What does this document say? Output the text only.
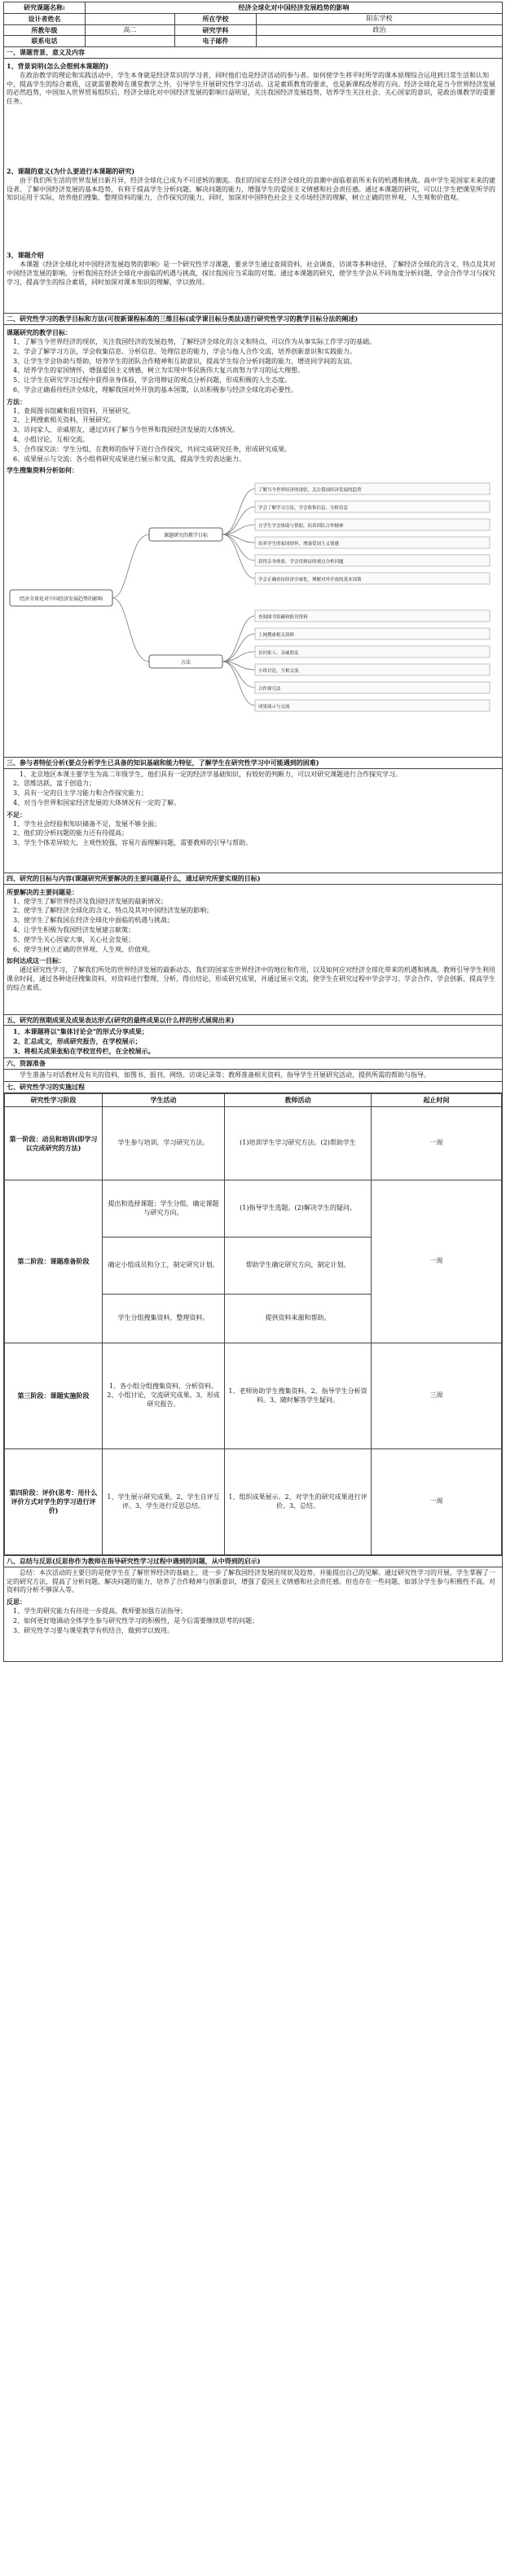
研究课题名称:	经济全球化对中国经济发展趋势的影响
设计者姓名		所在学校	阳东学校
所教年级	高二	研究学科	政治
联系电话		电子邮件	
一、课题背景、意义及内容

1、背景说明(怎么会想到本课题的)
在政治教学的理论和实践活动中，学生本身就是经济常识的学习者，同时他们也是经济活动的参与者。如何使学生将平时所学的课本原理综合运用到日常生活和认知中，提高学生的综合素质，这就需要教师在课堂教学之外，引导学生开展研究性学习活动。这是素质教育的要求，也是新课程改革的方向。经济全球化是当今世界经济发展的必然趋势，中国加入世界贸易组织后，经济全球化对中国经济发展的影响日益明显，关注我国经济发展趋势，培养学生关注社会、关心国家的意识，是政治课教学的重要任务。
2、课题的意义(为什么要进行本课题的研究)
由于我们所生活的世界发展日新月异，经济全球化已成为不可逆转的潮流。我们的国家在经济全球化的浪潮中面临着前所未有的机遇和挑战。高中学生是国家未来的建设者，了解中国经济发展的基本趋势，有利于提高学生分析问题、解决问题的能力，增强学生的爱国主义情感和社会责任感。通过本课题的研究，可以让学生把课堂所学的知识运用于实际，培养他们搜集、整理资料的能力，合作探究的能力，同时，加深对中国特色社会主义市场经济的理解，树立正确的世界观、人生观和价值观。
3、课题介绍
本课题《经济全球化对中国经济发展趋势的影响》是一个研究性学习课题，要求学生通过查阅资料、社会调查、访谈等多种途径，了解经济全球化的含义、特点及其对中国经济发展的影响，分析我国在经济全球化中面临的机遇与挑战，探讨我国应当采取的对策。通过本课题的研究，使学生学会从不同角度分析问题，学会合作学习与探究学习，提高学生的综合素质，同时加深对课本知识的理解，学以致用。

二、研究性学习的教学目标和方法(可按新课程标准的三维目标(或学课目标分类法)进行研究性学习的教学目标分法的阐述)

课题研究的教学目标：
1、了解当今世界经济的现状，关注我国经济的发展趋势，了解经济全球化的含义和特点，可以作为从事实际工作学习的基础。
2、学会了解学习方法，学会收集信息、分析信息、处理信息的能力，学会与他人合作交流，培养创新意识和实践能力。
3、让学生学会协助与帮助，培养学生的团队合作精神和互助意识，提高学生综合分析问题的能力，增进同学间的友谊。
4、培养学生的家国情怀，增强爱国主义情感，树立为实现中华民族伟大复兴而努力学习的远大理想。
5、让学生在研究学习过程中获得亲身体验，学会用辩证的观点分析问题，形成积极的人生态度。
6、学会正确看待经济全球化，理解我国对外开放的基本国策，认识积极参与经济全球化的必要性。
方法：
1、查阅图书馆藏和报刊资料，开展研究。
2、上网搜索相关资料，开展研究。
3、访问家人、亲戚朋友，通过访问了解当今世界和我国经济发展的大体情况。
4、小组讨论，互相交流。
5、合作探究法：学生分组，在教师的指导下进行合作探究，共同完成研究任务，形成研究成果。
6、成果展示与交流：各小组将研究成果进行展示和交流，提高学生的表达能力。
学生搜集资料分析如何：
经济全球化对中国经济发展趋势的影响
课题研究的教学目标
方法
了解当今世界经济的现状，关注我国经济发展的趋势
学会了解学习方法，学会收集信息、分析信息
让学生学会协助与帮助，培养团队合作精神
培养学生的家国情怀，增强爱国主义情感
获得亲身体验，学会用辩证的观点分析问题
学会正确看待经济全球化，理解对外开放的基本国策
查阅图书馆藏和报刊资料
上网搜索相关资料
访问家人、亲戚朋友
小组讨论，互相交流
合作探究法
成果展示与交流

三、参与者特征分析(要点分析学生已具备的知识基础和能力特征，了解学生在研究性学习中可能遇到的困难)

1、北京地区本课主要学生为高二年级学生，他们具有一定的经济学基础知识，有较好的判断力，可以对研究课题进行合作探究学习。
2、思维活跃，富于创造力；
3、具有一定的自主学习能力和合作探究能力；
4、对当今世界和国家经济发展的大体情况有一定的了解。
不足：
1、学生社会经验和知识储备不足，发展不够全面；
2、他们的分析问题的能力还有待提高；
3、学生个体差异较大，主观性较强，容易片面理解问题，需要教师的引导与帮助。

四、研究的目标与内容(课题研究所要解决的主要问题是什么，通过研究所要实现的目标)

所要解决的主要问题是：
1、使学生了解世界经济及我国经济发展的最新情况；
2、使学生了解经济全球化的含义、特点及其对中国经济发展的影响；
3、使学生了解我国在经济全球化中面临的机遇与挑战；
4、让学生积极为我国经济发展建言献策；
5、使学生关心国家大事，关心社会发展；
6、使学生树立正确的世界观、人生观、价值观。
如何达成这一目标：
通过研究性学习，了解我们所处的世界经济发展的最新动态，我们的国家在世界经济中的地位和作用，以及如何应对经济全球化带来的机遇和挑战。教师引导学生利用课余时间，通过各种途径搜集资料，对资料进行整理、分析，得出结论，形成研究成果，并通过展示交流，使学生在研究过程中学会学习、学会合作、学会创新，提高学生的综合素质。

五、研究的预期成果及成果表达形式(研究的最终成果以什么样的形式展现出来)

1、本课题将以"集体讨论会"的形式分享成果；
2、汇总成文，形成研究报告，在学校展示；
3、将相关成果张贴在学校宣传栏，在全校展示。

六、资源准备

学生准备与对话教材及有关的资料，如图书、报刊、网络、访谈记录等；教师准备相关资料，指导学生开展研究活动，提供所需的帮助与指导。

七、研究性学习的实施过程

研究性学习阶段	学生活动	教师活动	起止时间
第一阶段：动员和培训(即学习以完成研究的方法)	学生参与培训，学习研究方法。	(1)培训学生学习研究方法。(2)帮助学生	一周
第二阶段：课题准备阶段	提出和选择课题；学生分组，确定课题与研究方向。	(1)指导学生选题。(2)解决学生的疑问。	一周
确定小组成员和分工，制定研究计划。	帮助学生确定研究方向，制定计划。
学生分组搜集资料，整理资料。	提供资料来源和帮助。
第三阶段：课题实施阶段	1、各小组分组搜集资料，分析资料。2、小组讨论，交流研究成果。3、形成研究报告。	1、老师协助学生搜集资料。2、指导学生分析资料。3、随时解答学生疑问。	三周
第四阶段：评价(思考：用什么评价方式对学生的学习进行评价)	1、学生展示研究成果。2、学生自评互评。3、学生进行反思总结。	1、组织成果展示。2、对学生的研究成果进行评价。3、总结。	一周

八、总结与反思(反思你作为教师在指导研究性学习过程中遇到的问题，从中得到的启示)

总结：本次活动的主要目的是使学生在了解世界经济的基础上，进一步了解我国经济发展的现状及趋势，并能提出自己的见解。通过研究性学习的开展，学生掌握了一定的研究方法，提高了分析问题、解决问题的能力，培养了合作精神与创新意识，增强了爱国主义情感和社会责任感。但也存在一些问题，如部分学生参与积极性不高，对资料的分析不够深入等。
反思：
1、学生的研究能力有待进一步提高，教师要加强方法指导；
2、如何更好地调动全体学生参与研究性学习的积极性，是今后需要继续思考的问题；
3、研究性学习要与课堂教学有机结合，做到学以致用。
